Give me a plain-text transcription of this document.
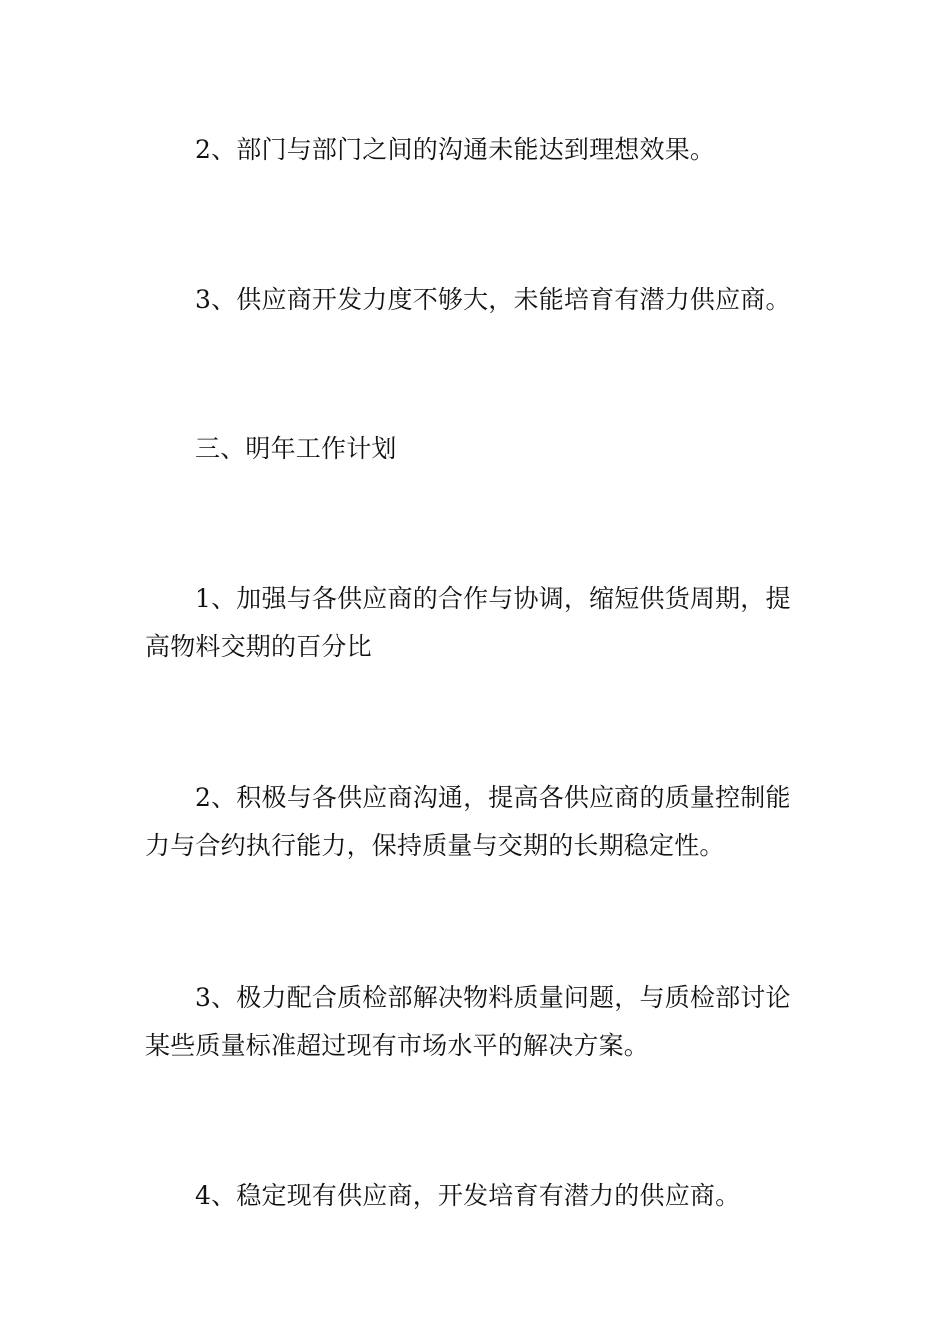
2、部门与部门之间的沟通未能达到理想效果。

3、供应商开发力度不够大，未能培育有潜力供应商。

三、明年工作计划

1、加强与各供应商的合作与协调，缩短供货周期，提高物料交期的百分比

2、积极与各供应商沟通，提高各供应商的质量控制能力与合约执行能力，保持质量与交期的长期稳定性。

3、极力配合质检部解决物料质量问题，与质检部讨论某些质量标准超过现有市场水平的解决方案。

4、稳定现有供应商，开发培育有潜力的供应商。
